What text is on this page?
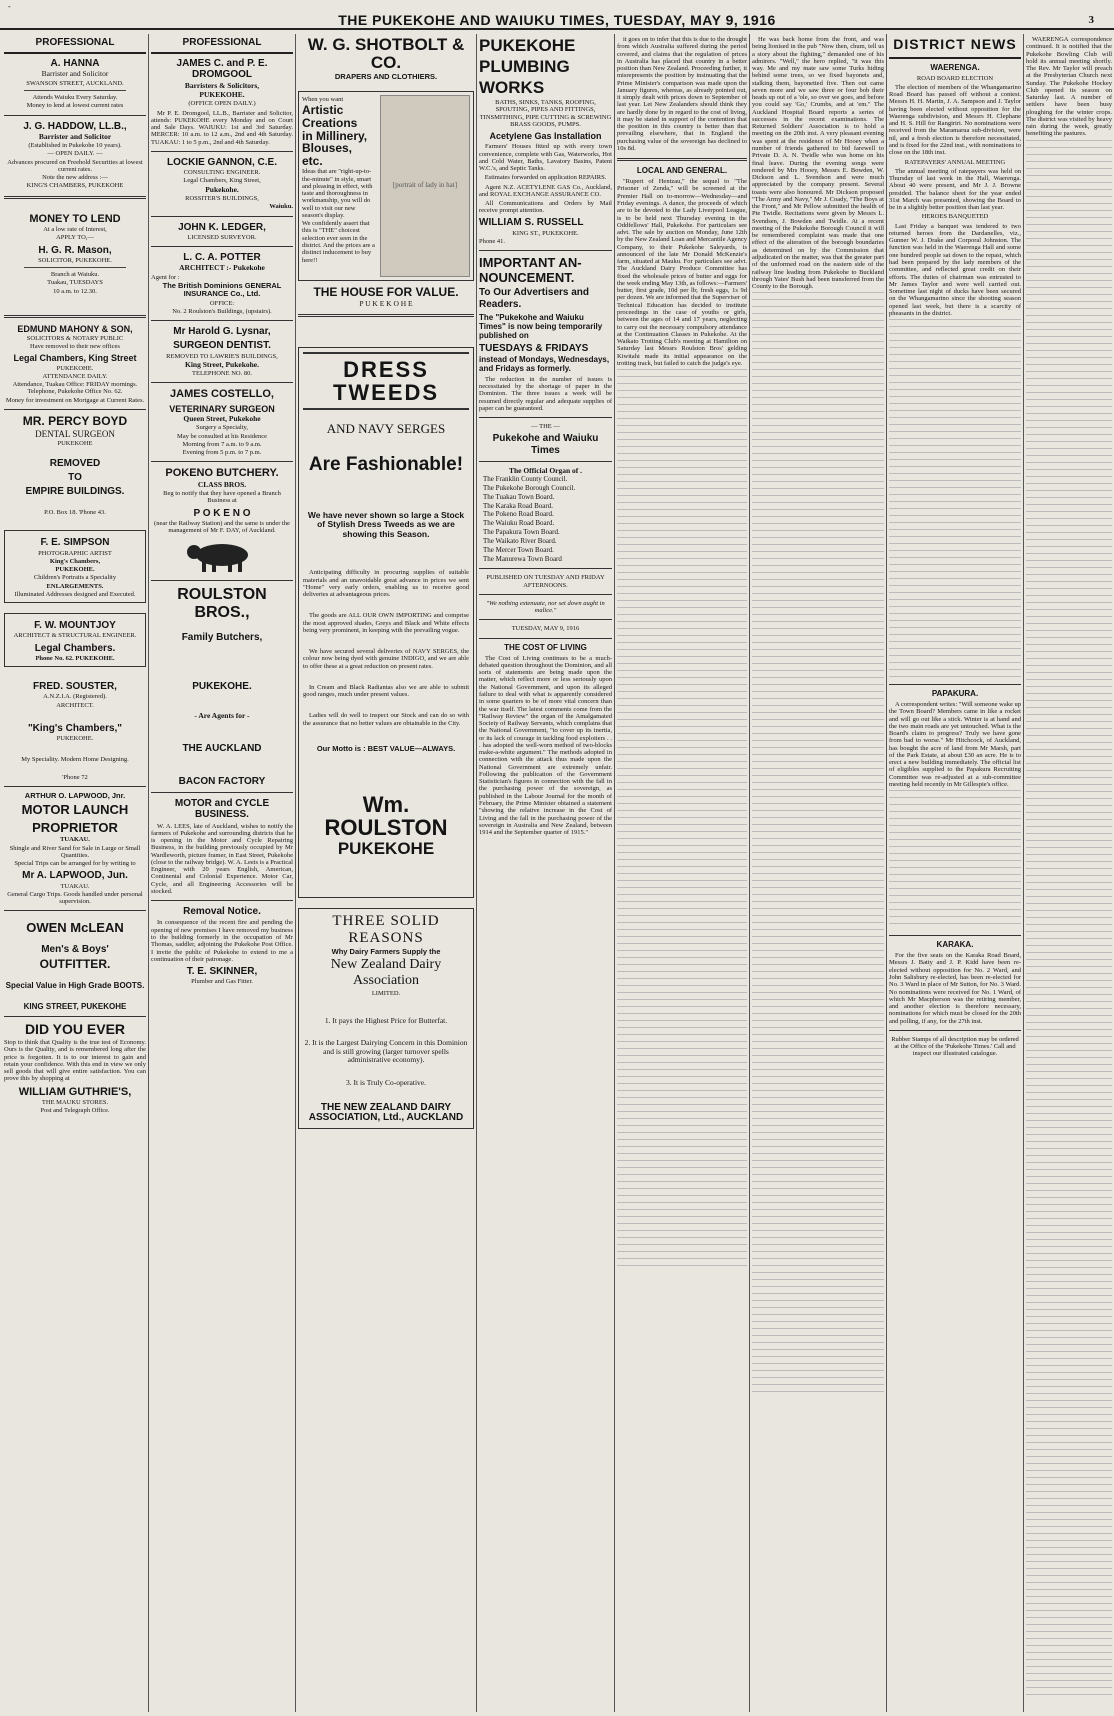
-
THE PUKEKOHE AND WAIUKU TIMES, TUESDAY, MAY 9, 1916	3
PROFESSIONAL
A. HANNA
Barrister and Solicitor
SWANSON STREET, AUCKLAND.
Attends Waiuku Every Saturday.
Money to lend at lowest current rates
J. G. HADDOW, LL.B.,
Barrister and Solicitor
(Established in Pukekohe 10 years).
— OPEN DAILY. —
Advances procured on Freehold Securities at lowest current rates.
Note the new address :—
KING'S CHAMBERS, PUKEKOHE
MONEY TO LEND
At a low rate of Interest,
APPLY TO,—
H. G. R. Mason,
SOLICITOR, PUKEKOHE.
Branch at Waiuku.
Tuakau, TUESDAYS
10 a.m. to 12.30.
EDMUND MAHONY & SON,
SOLICITORS & NOTARY PUBLIC
Have removed to their new offices
Legal Chambers, King Street
PUKEKOHE.
ATTENDANCE DAILY.
Attendance, Tuakau Office: FRIDAY mornings. Telephone, Pukekohe Office No. 62.
Money for investment on Mortgage at Current Rates.
MR. PERCY BOYD
DENTAL SURGEON
PUKEKOHE
REMOVED
TO
EMPIRE BUILDINGS.
P.O. Box 18. 'Phone 43.
F. E. SIMPSON
PHOTOGRAPHIC ARTIST
King's Chambers,
PUKEKOHE.
Children's Portraits a Speciality
ENLARGEMENTS.
Illuminated Addresses designed and Executed.
F. W. MOUNTJOY
ARCHITECT & STRUCTURAL ENGINEER.
Legal Chambers.
Phone No. 62. PUKEKOHE.
FRED. SOUSTER,
A.N.Z.I.A. (Registered).
ARCHITECT.
"King's Chambers,"
PUKEKOHE.
My Speciality. Modern Home Designing.
'Phone 72
ARTHUR O. LAPWOOD, Jnr.
MOTOR LAUNCH
PROPRIETOR
TUAKAU.
Shingle and River Sand for Sale in Large or Small Quantities.
Special Trips can be arranged for by writing to
Mr A. LAPWOOD, Jun.
TUAKAU.
General Cargo Trips. Goods handled under personal supervision.
OWEN McLEAN
Men's & Boys'
OUTFITTER.
Special Value in High Grade BOOTS.
KING STREET, PUKEKOHE
DID YOU EVER
Stop to think that Quality is the true test of Economy. Ours is the Quality, and is remembered long after the price is forgotten. It is to our interest to gain and retain your confidence. With this end in view we only sell goods that will give entire satisfaction. You can prove this by shopping at
WILLIAM GUTHRIE'S,
THE MAUKU STORES.
Post and Telegraph Office.
PROFESSIONAL
JAMES C. and P. E. DROMGOOL
Barristers & Solicitors,
PUKEKOHE.
(OFFICE OPEN DAILY.)
Mr P. E. Dromgool, LL.B., Barrister and Solicitor, attends: PUKEKOHE every Monday and on Court and Sale Days. WAIUKU: 1st and 3rd Saturday. MERCER: 10 a.m. to 12 a.m., 2nd and 4th Saturday. TUAKAU: 1 to 5 p.m., 2nd and 4th Saturday.
LOCKIE GANNON, C.E.
CONSULTING ENGINEER.
Legal Chambers, King Street,
Pukekohe.
ROSSITER'S BUILDINGS,
Waiuku.
JOHN K. LEDGER,
LICENSED SURVEYOR.
L. C. A. POTTER
ARCHITECT :- Pukekohe
Agent for :
The British Dominions GENERAL INSURANCE Co., Ltd.
OFFICE:
No. 2 Roulston's Buildings, (upstairs).
Mr Harold G. Lysnar,
SURGEON DENTIST.
REMOVED TO LAWRIE'S BUILDINGS,
King Street, Pukekohe.
TELEPHONE NO. 80.
JAMES COSTELLO,
VETERINARY SURGEON
Queen Street, Pukekohe
Surgery a Specialty,
May be consulted at his Residence
Morning from 7 a.m. to 9 a.m.
Evening from 5 p.m. to 7 p.m.
POKENO BUTCHERY.
CLASS BROS.
Beg to notify that they have opened a Branch Business at
P O K E N O
(near the Railway Station) and the same is under the management of Mr F. DAY, of Auckland.
ROULSTON BROS.,
Family Butchers,
PUKEKOHE.
- Are Agents for -
THE AUCKLAND
BACON FACTORY
MOTOR and CYCLE BUSINESS.
W. A. LEES, late of Auckland, wishes to notify the farmers of Pukekohe and surrounding districts that he is opening in the Motor and Cycle Repairing Business, in the building previously occupied by Mr Wardleworth, picture framer, in East Street, Pukekohe (close to the railway bridge). W. A. Leeis is a Practical Engineer, with 20 years English, American, Continental and Colonial Experience. Motor Car, Cycle, and all Engineering Accessories will be stocked.
Removal Notice.
In consequence of the recent fire and pending the opening of new premises I have removed my business to the building formerly in the occupation of Mr Thomas, saddler, adjoining the Pukekohe Post Office. I invite the public of Pukekohe to extend to me a continuation of their patronage.
T. E. SKINNER,
Plumber and Gas Fitter.
W. G. SHOTBOLT & CO.
DRAPERS AND CLOTHIERS.
When you want
Artistic Creations
in Millinery,
Blouses, etc.
Ideas that are "right-up-to-the-minute" in style, smart and pleasing in effect, with taste and thoroughness in workmanship, you will do well to visit our new season's display.
We confidently assert that this is "THE" choicest selection ever seen in the district. And the prices are a distinct inducement to buy here!!
[portrait of lady in hat]
THE HOUSE FOR VALUE.
P U K E K O H E
DRESS TWEEDS
AND NAVY SERGES
Are Fashionable!
We have never shown so large a Stock of Stylish Dress Tweeds as we are showing this Season.
Anticipating difficulty in procuring supplies of suitable materials and an unavoidable great advance in prices we sent "Home" very early orders, enabling us to receive good deliveries at advantageous prices.
The goods are ALL OUR OWN IMPORTING and comprise the most approved shades, Greys and Black and White effects being very prominent, in keeping with the prevailing vogue.
We have secured several deliveries of NAVY SERGES, the colour now being dyed with genuine INDIGO, and we are able to offer these at a great reduction on present rates.
In Cream and Black Radiantas also we are able to submit good ranges, much under present values.
Ladies will do well to inspect our Stock and can do so with the assurance that no better values are obtainable in the City.
Our Motto is : BEST VALUE—ALWAYS.
Wm. ROULSTON
PUKEKOHE
THREE SOLID REASONS
Why Dairy Farmers Supply the
New Zealand Dairy Association
LIMITED.
1. It pays the Highest Price for Butterfat.
2. It is the Largest Dairying Concern in this Dominion and is still growing (larger turnover spells administrative economy).
3. It is Truly Co-operative.
THE NEW ZEALAND DAIRY ASSOCIATION, Ltd., AUCKLAND
PUKEKOHE
PLUMBING
WORKS
BATHS, SINKS, TANKS, ROOFING, SPOUTING, PIPES AND FITTINGS, TINSMITHING, PIPE CUTTING & SCREWING BRASS GOODS, PUMPS.
Acetylene Gas Installation
Farmers' Houses fitted up with every town convenience, complete with Gas, Waterworks, Hot and Cold Water, Baths, Lavatory Basins, Patent W.C.'s, and Septic Tanks.
Estimates forwarded on application REPAIRS.
Agent N.Z. ACETYLENE GAS Co., Auckland, and ROYAL EXCHANGE ASSURANCE CO.
All Communications and Orders by Mail receive prompt attention.
WILLIAM S. RUSSELL
KING ST., PUKEKOHE.
Phone 41.
IMPORTANT AN-NOUNCEMENT.
To Our Advertisers and Readers.
The "Pukekohe and Waiuku Times" is now being temporarily published on
TUESDAYS & FRIDAYS
instead of Mondays, Wednesdays, and Fridays as formerly.
The reduction in the number of issues is necessitated by the shortage of paper in the Dominion. The three issues a week will be resumed directly regular and adequate supplies of paper can be guaranteed.
— THE —
Pukekohe and Waiuku Times
The Official Organ of .
The Franklin County Council.
The Pukekohe Borough Council.
The Tuakau Town Board.
The Karaka Road Board.
The Pokeno Road Board.
The Waiuku Road Board.
The Papakura Town Board.
The Waikato River Board.
The Mercer Town Board.
The Manurewa Town Board
PUBLISHED ON TUESDAY AND FRIDAY AFTERNOONS.
"We nothing extenuate, nor set down aught in malice."
TUESDAY, MAY 9, 1916
THE COST OF LIVING
The Cost of Living continues to be a much-debated question throughout the Dominion, and all sorts of statements are being made upon the matter, which reflect more or less seriously upon the National Government, and upon its alleged failure to deal with what is apparently considered in some quarters to be of more vital concern than the war itself. The latest comments come from the "Railway Review" the organ of the Amalgamated Society of Railway Servants, which complains that the National Government, "to cover up its inertia, or its lack of courage in tackling food exploiters . . . has adopted the well-worn method of two-blocks make-a-white argument." The methods adopted in connection with the attack thus made upon the National Government are extremely unfair. Following the publication of the Government Statistician's figures in connection with the fall in the purchasing power of the sovereign, as published in the Labour Journal for the month of February, the Prime Minister obtained a statement "showing the relative increase in the Cost of Living and the fall in the purchasing power of the sovereign in Australia and New Zealand, between 1914 and the September quarter of 1915."
it goes on to infer that this is due to the drought from which Australia suffered during the period covered, and claims that the regulation of prices in Australia has placed that country in a better position than New Zealand. Proceeding further, it misrepresents the position by insinuating that the Prime Minister's comparison was made upon the January figures, whereas, as already pointed out, it simply dealt with prices down to September of last year. Let New Zealanders should think they are hardly done by in regard to the cost of living, it may be stated in support of the contention that the position in this country is better than that prevailing elsewhere, that in England the purchasing value of the sovereign has declined to 10s 8d.
LOCAL AND GENERAL.
"Rupert of Hentzau," the sequel to "The Prisoner of Zenda," will be screened at the Premier Hall on to-morrow—Wednesday—and Friday evenings. A dance, the proceeds of which are to be devoted to the Lady Liverpool League, is to be held next Thursday evening in the Oddfellows' Hall, Pukekohe. For particulars see advt. The sale by auction on Monday, June 12th by the New Zealand Loan and Mercantile Agency Company, to their Pukekohe Saleyards, is announced of the late Mr Donald McKenzie's farm, situated at Mauku. For particulars see advt. The Auckland Dairy Produce Committee has fixed the wholesale prices of butter and eggs for the week ending May 13th, as follows:—Farmers' butter, first grade, 10d per lb; fresh eggs, 1s 9d per dozen. We are informed that the Superviser of Technical Education has decided to institute proceedings in the case of youths or girls, between the ages of 14 and 17 years, neglecting to carry out the necessary compulsory attendance at the Continuation Classes in Pukekohe. At the Waikato Trotting Club's meeting at Hamilton on Saturday last Messrs Roulston Bros' gelding Kiwitahi made its initial appearance on the trotting track, but failed to catch the judge's eye.
He was back home from the front, and was being lionised in the pub "Now then, chum, tell us a story about the fighting," demanded one of his admirers. "Well," the hero replied, "it was this way. Me and my mate saw some Turks hiding behind some trees, so we fixed bayonets and, stalking them, bayonetted five. Then out came seven more and we saw three or four bob their heads up out of a 'ole, so over we goes, and before you could say 'Go,' Crumbs, and at 'em." The Auckland Hospital Board reports a series of successes in the recent examinations. The Returned Soldiers' Association is to hold a meeting on the 20th inst. A very pleasant evening was spent at the residence of Mr Hooey when a number of friends gathered to bid farewell to Private D. A. N. Twidle who was home on his final leave. During the evening songs were rendered by Mrs Hooey, Messrs E. Bowden, W. Dickson and L. Svendson and were much appreciated by the company present. Several toasts were also honoured. Mr Dickson proposed "The Army and Navy," Mr J. Coady, "The Boys at the Front," and Mr Pellow submitted the health of Pte Twidle. Recitations were given by Messrs L. Svendsen, J. Bowden and Twidle. At a recent meeting of the Pukekohe Borough Council it will be remembered complaint was made that one effect of the alteration of the borough boundaries as determined on by the Commission that adjudicated on the matter, was that the greater part of the unformed road on the eastern side of the railway line leading from Pukekohe to Buckland through Yates' Bush had been transferred from the County to the Borough.
DISTRICT NEWS
WAERENGA.
ROAD BOARD ELECTION
The election of members of the Whangamarino Road Board has passed off without a contest. Messrs H. H. Martin, J. A. Sampson and J. Taylor having been elected without opposition for the Waerenga subdivision, and Messrs H. Clephane and H. S. Hill for Rangiriri. No nominations were received from the Maramarua sub-division, were nil, and a fresh election is therefore necessitated, and is fixed for the 22nd inst., with nominations to close on the 18th inst.
RATEPAYERS' ANNUAL MEETING
The annual meeting of ratepayers was held on Thursday of last week in the Hall, Waerenga. About 40 were present, and Mr J. J. Browne presided. The balance sheet for the year ended 31st March was presented, showing the Board to be in a slightly better position than last year.
HEROES BANQUETED
Last Friday a banquet was tendered to two returned heroes from the Dardanelles, viz., Gunner W. J. Drake and Corporal Johnston. The function was held in the Waerenga Hall and some one hundred people sat down to the repast, which had been prepared by the lady members of the committee, and reflected great credit on their efforts. The duties of chairman was entrusted to Mr James Taylor and were well carried out. Sometime last night of ducks have been secured on the Whangamarino since the shooting season opened last week, but there is a scarcity of pheasants in the district.
PAPAKURA.
A correspondent writes: "Will someone wake up the Town Board? Members came in like a rocket and will go out like a stick. Winter is at hand and the two main roads are yet untouched. What is the Board's claim to progress? Truly we have gone from bad to worse." Mr Hitchcock, of Auckland, has bought the acre of land from Mr Marsh, part of the Park Estate, at about £30 an acre. He is to erect a new building immediately. The official list of eligibles supplied to the Papakura Recruiting Committee was re-adjusted at a sub-committee meeting held recently in Mr Gillespie's office.
KARAKA.
For the five seats on the Karaka Road Board, Messrs J. Batty and J. P. Kidd have been re-elected without opposition for No. 2 Ward, and John Salisbury re-elected, has been re-elected for No. 3 Ward in place of Mr Sutton, for No. 3 Ward. No nominations were received for No. 1 Ward, of which Mr Macpherson was the retiring member, and another election is therefore necessary, nominations for which must be closed for the 20th and polling, if any, for the 27th inst.
Rubber Stamps of all description may be ordered at the Office of the 'Pukekohe Times.' Call and inspect our illustrated catalogue.
WAERENGA correspondence continued. It is notified that the Pukekohe Bowling Club will hold its annual meeting shortly. The Rev. Mr Taylor will preach at the Presbyterian Church next Sunday. The Pukekohe Hockey Club opened its season on Saturday last. A number of settlers have been busy ploughing for the winter crops. The district was visited by heavy rain during the week, greatly benefiting the pastures.
